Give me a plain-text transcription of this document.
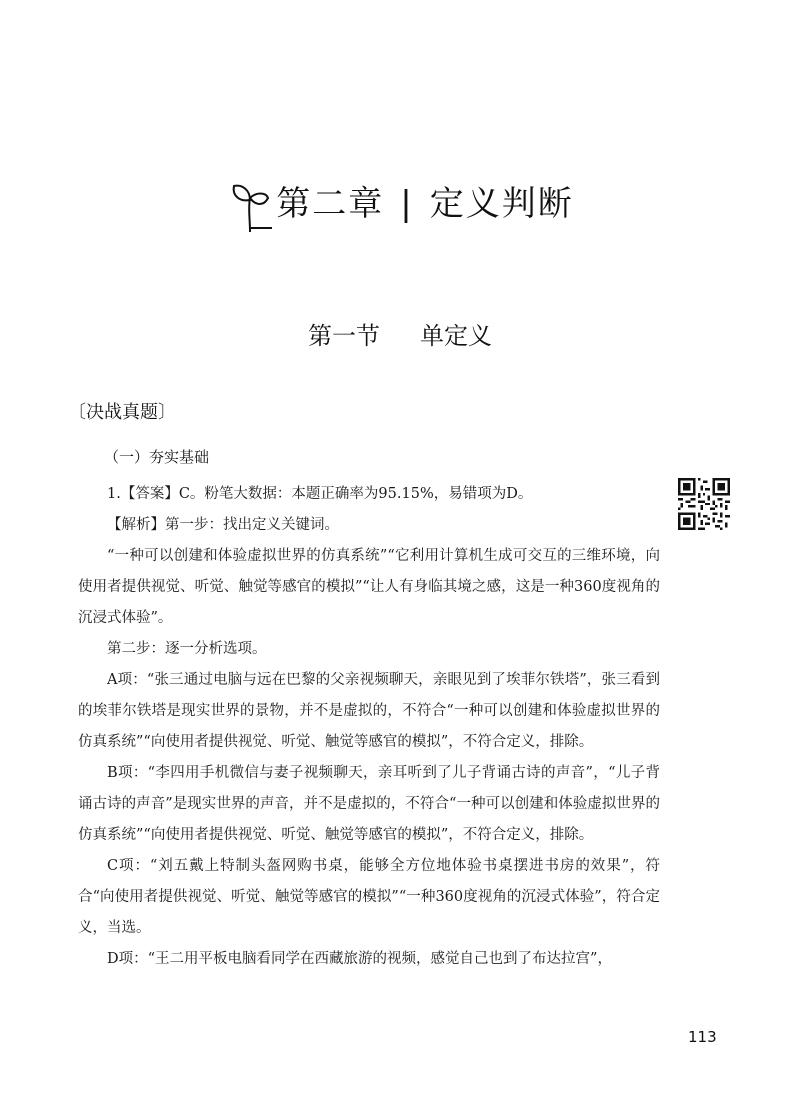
第二章 | 定义判断
第一节 单定义
〔决战真题〕
（一）夯实基础

1.【答案】C。粉笔大数据：本题正确率为95.15%，易错项为D。

【解析】第一步：找出定义关键词。

“一种可以创建和体验虚拟世界的仿真系统”“它利用计算机生成可交互的三维环境，向使用者提供视觉、听觉、触觉等感官的模拟”“让人有身临其境之感，这是一种360度视角的沉浸式体验”。

第二步：逐一分析选项。

A项：“张三通过电脑与远在巴黎的父亲视频聊天，亲眼见到了埃菲尔铁塔”，张三看到的埃菲尔铁塔是现实世界的景物，并不是虚拟的，不符合“一种可以创建和体验虚拟世界的仿真系统”“向使用者提供视觉、听觉、触觉等感官的模拟”，不符合定义，排除。

B项：“李四用手机微信与妻子视频聊天，亲耳听到了儿子背诵古诗的声音”，“儿子背诵古诗的声音”是现实世界的声音，并不是虚拟的，不符合“一种可以创建和体验虚拟世界的仿真系统”“向使用者提供视觉、听觉、触觉等感官的模拟”，不符合定义，排除。

C项：“刘五戴上特制头盔网购书桌，能够全方位地体验书桌摆进书房的效果”，符合“向使用者提供视觉、听觉、触觉等感官的模拟”“一种360度视角的沉浸式体验”，符合定义，当选。

D项：“王二用平板电脑看同学在西藏旅游的视频，感觉自己也到了布达拉宫”，

113
